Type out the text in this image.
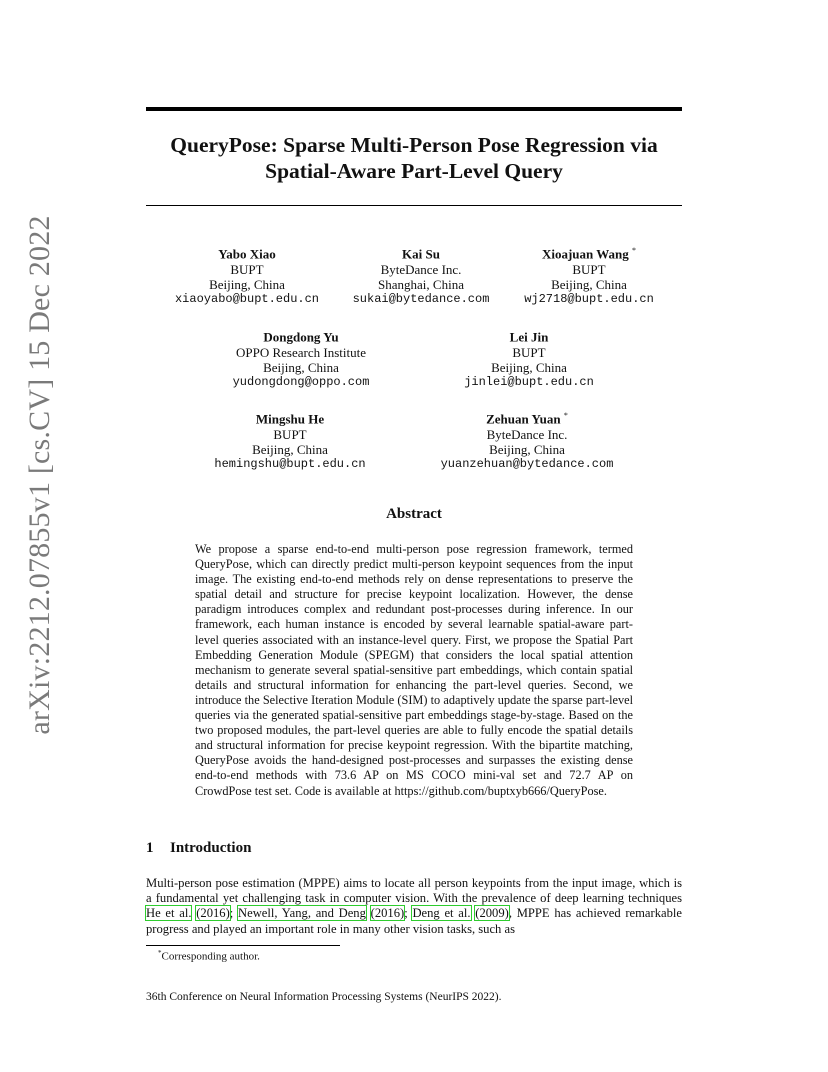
QueryPose: Sparse Multi-Person Pose Regression via
Spatial-Aware Part-Level Query
arXiv:2212.07855v1 [cs.CV] 15 Dec 2022	Yabo Xiao
BUPT
Beijing, China
xiaoyabo@bupt.edu.cn
Kai Su
ByteDance Inc.
Shanghai, China
sukai@bytedance.com
Xioajuan Wang *
BUPT
Beijing, China
wj2718@bupt.edu.cn
Dongdong Yu
OPPO Research Institute
Beijing, China
yudongdong@oppo.com
Lei Jin
BUPT
Beijing, China
jinlei@bupt.edu.cn
Mingshu He
BUPT
Beijing, China
hemingshu@bupt.edu.cn
Zehuan Yuan *
ByteDance Inc.
Beijing, China
yuanzehuan@bytedance.com
Abstract

We propose a sparse end-to-end multi-person pose regression framework, termed QueryPose, which can directly predict multi-person keypoint sequences from the input image. The existing end-to-end methods rely on dense representations to preserve the spatial detail and structure for precise keypoint localization. However, the dense paradigm introduces complex and redundant post-processes during inference. In our framework, each human instance is encoded by several learnable spatial-aware part-level queries associated with an instance-level query. First, we propose the Spatial Part Embedding Generation Module (SPEGM) that considers the local spatial attention mechanism to generate several spatial-sensitive part embeddings, which contain spatial details and structural information for enhancing the part-level queries. Second, we introduce the Selective Iteration Module (SIM) to adaptively update the sparse part-level queries via the generated spatial-sensitive part embeddings stage-by-stage. Based on the two proposed modules, the part-level queries are able to fully encode the spatial details and structural information for precise keypoint regression. With the bipartite matching, QueryPose avoids the hand-designed post-processes and surpasses the existing dense end-to-end methods with 73.6 AP on MS COCO mini-val set and 72.7 AP on CrowdPose test set. Code is available at https://github.com/buptxyb666/QueryPose.

1 Introduction

Multi-person pose estimation (MPPE) aims to locate all person keypoints from the input image, which is a fundamental yet challenging task in computer vision. With the prevalence of deep learning techniques He et al. (2016); Newell, Yang, and Deng (2016); Deng et al. (2009), MPPE has achieved remarkable progress and played an important role in many other vision tasks, such as

*Corresponding author.

36th Conference on Neural Information Processing Systems (NeurIPS 2022).
